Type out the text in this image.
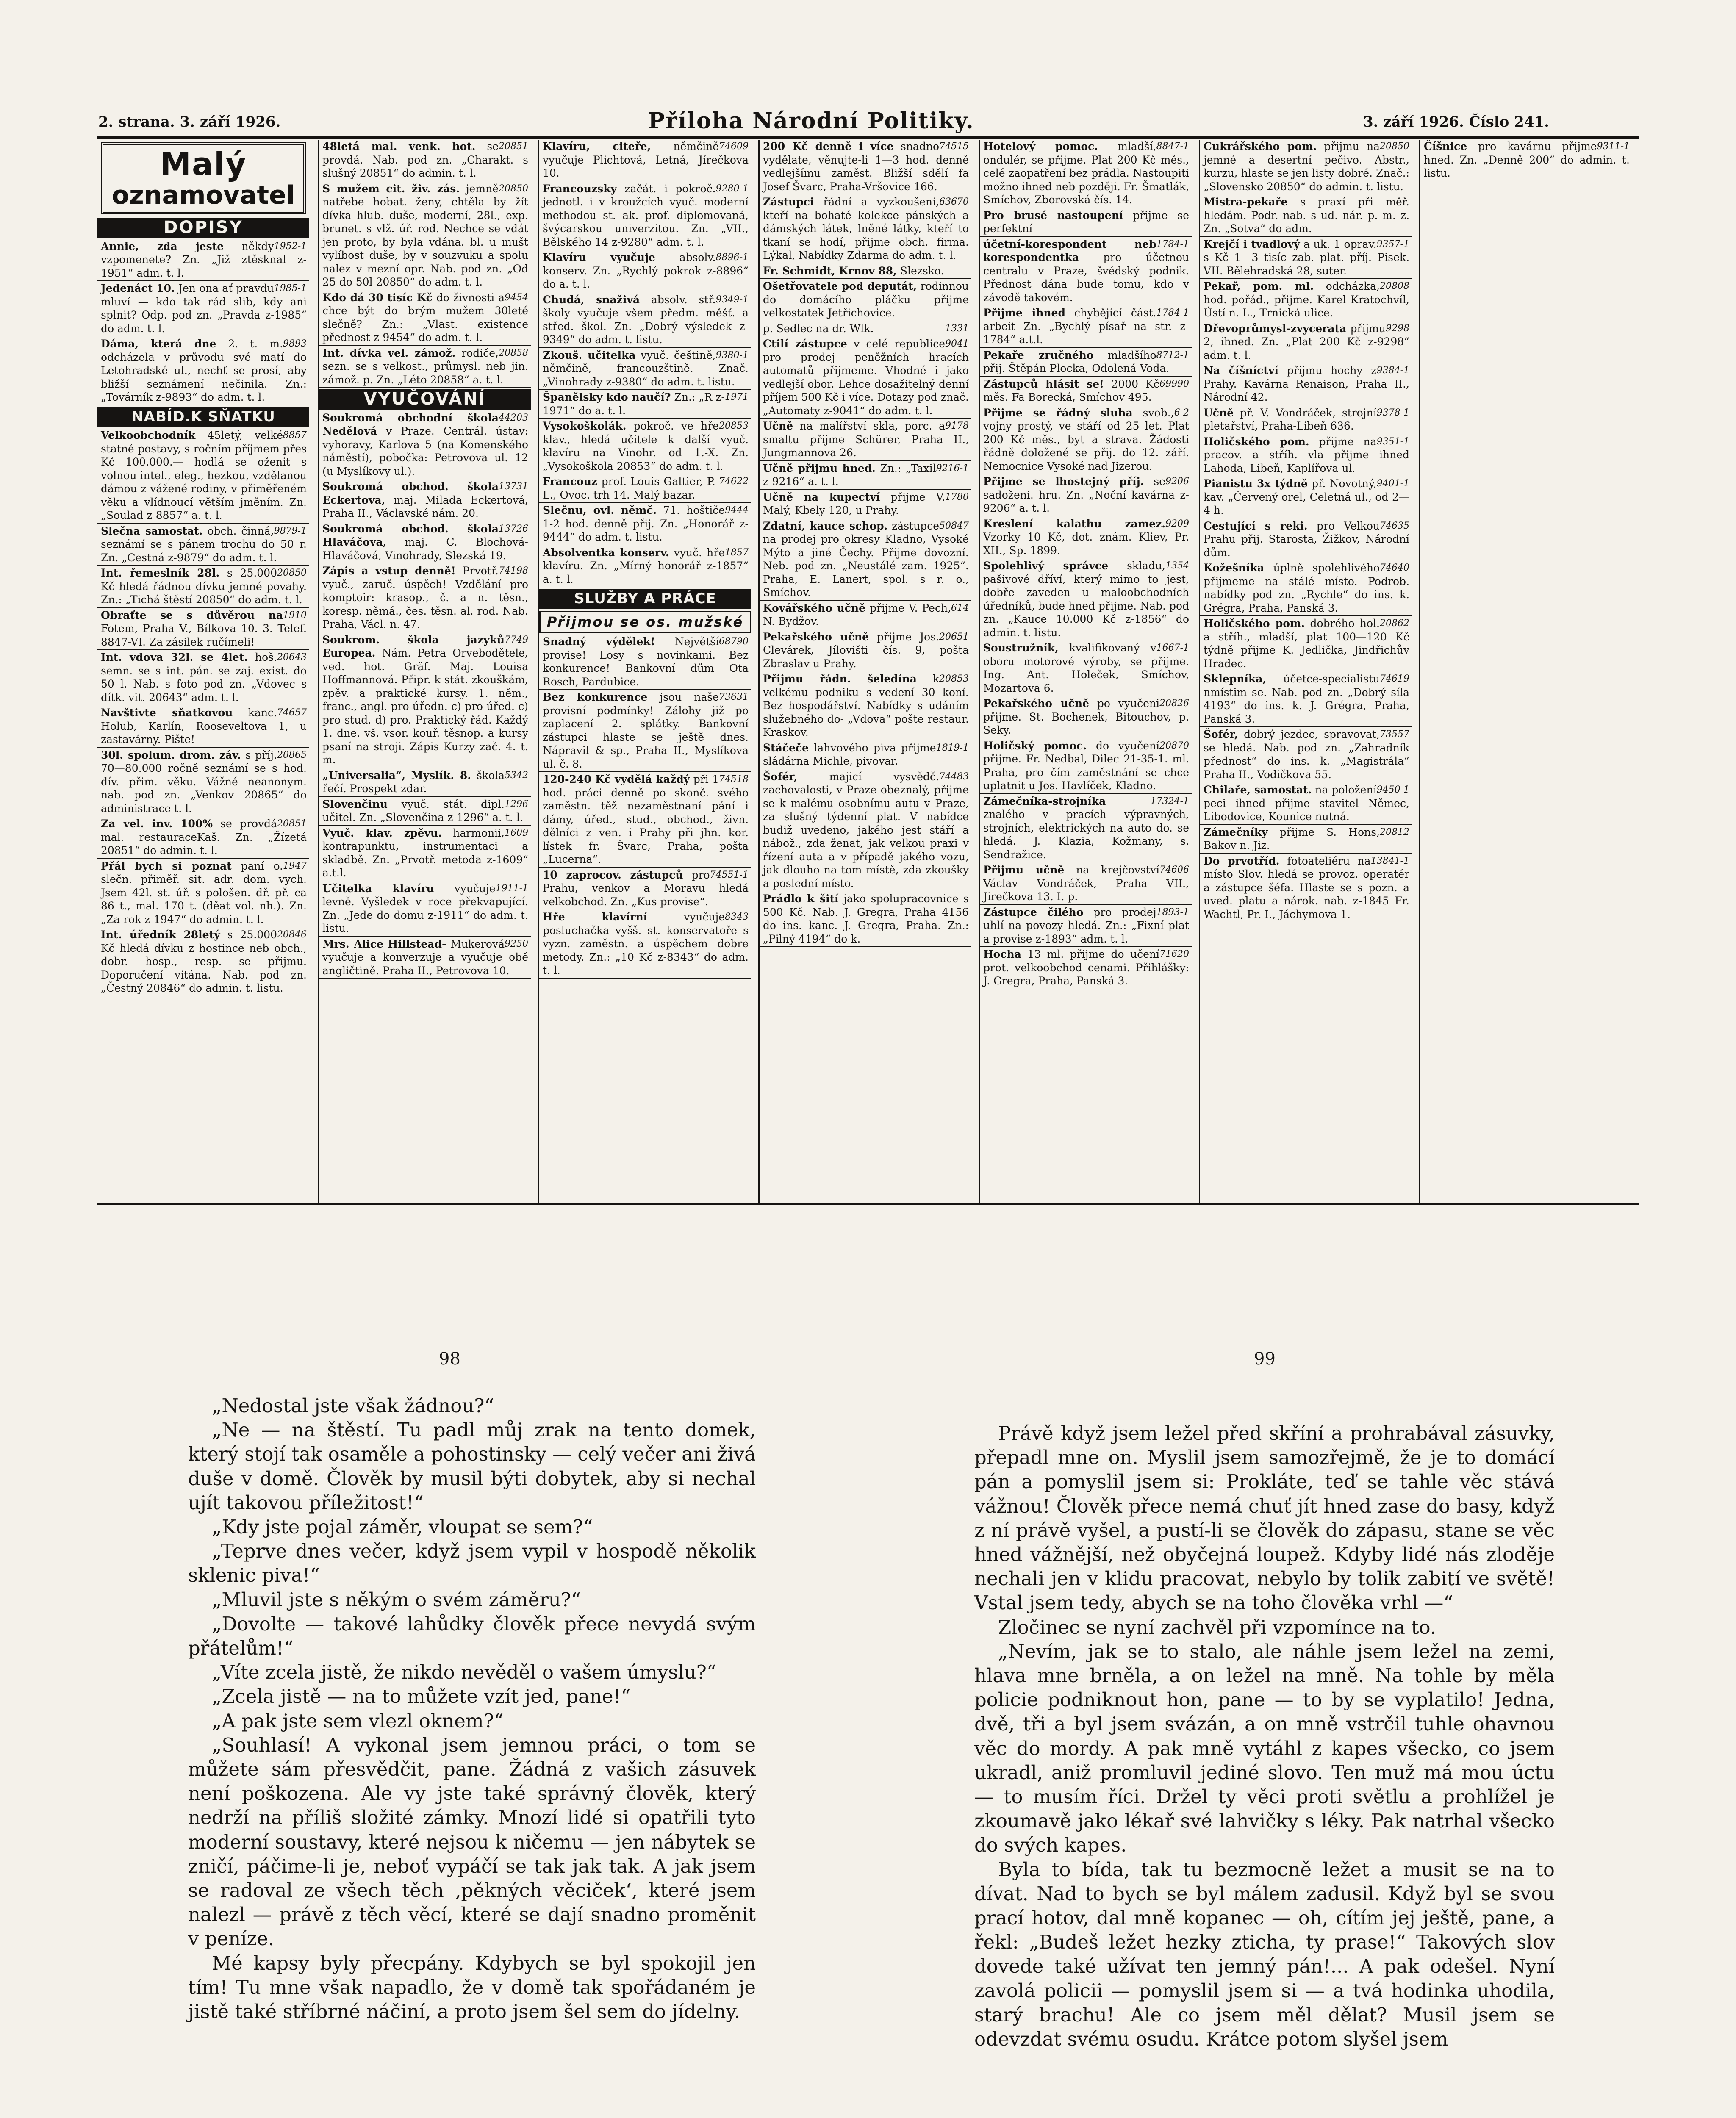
2. strana. 3. září 1926.	Příloha Národní Politiky.	3. září 1926. Číslo 241.
Malý
oznamovatel
DOPISY
1952-1
Annie, zda jeste někdy vzpomenete? Zn. „Již ztěsknal z-1951“ adm. t. l.
1985-1
Jedenáct 10. Jen ona ať pravdu mluví — kdo tak rád slib, kdy ani splnit? Odp. pod zn. „Pravda z-1985“ do adm. t. l.
9893
Dáma, která dne 2. t. m. odcházela v průvodu své matí do Letohradské ul., nechť se prosí, aby bližší seznámení nečinila. Zn.: „Továrník z-9893“ do adm. t. l.
NABÍD.K SŇATKU
8857
Velkoobchodník 45letý, velké statné postavy, s ročním příjmem přes Kč 100.000.— hodlá se oženit s volnou intel., eleg., hezkou, vzdělanou dámou z vážené rodiny, v přiměřeném věku a vlídnoucí větším jměním. Zn. „Soulad z-8857“ a. t. l.
9879-1
Slečna samostat. obch. činná, seznámí se s pánem trochu do 50 r. Zn. „Cestná z-9879“ do adm. t. l.
20850
Int. řemeslník 28l. s 25.000 Kč hledá řádnou dívku jemné povahy. Zn.: „Tichá štěstí 20850“ do adm. t. l.
1910
Obraťte se s důvěrou na Fotem, Praha V., Bílkova 10. 3. Telef. 8847-VI. Za zásilek ručímeli!
20643
Int. vdova 32l. se 4let. hoš. semn. se s int. pán. se zaj. exist. do 50 l. Nab. s foto pod zn. „Vdovec s dítk. vit. 20643“ adm. t. l.
74657
Navštivte sňatkovou kanc. Holub, Karlín, Rooseveltova 1, u zastavárny. Pište!
20865
30l. spolum. drom. záv. s příj. 70—80.000 ročně seznámí se s hod. dív. přim. věku. Vážné neanonym. nab. pod zn. „Venkov 20865“ do administrace t. l.
20851
Za vel. inv. 100% se provdá mal. restauraceKaš. Zn. „Žízetá 20851“ do admin. t. l.
1947
Přál bych si poznat paní o. slečn. přiměř. sit. adr. dom. vych. Jsem 42l. st. úř. s pološen. dř. př. ca 86 t., mal. 170 t. (děat vol. nh.). Zn. „Za rok z-1947“ do admin. t. l.
20846
Int. úředník 28letý s 25.000 Kč hledá dívku z hostince neb obch., dobr. hosp., resp. se přijmu. Doporučení vítána. Nab. pod zn. „Čestný 20846“ do admin. t. listu.
20851
48letá mal. venk. hot. se provdá. Nab. pod zn. „Charakt. s slušný 20851“ do admin. t. l.
20850
S mužem cit. živ. zás. jemně natřebe hobat. ženy, chtěla by žít dívka hlub. duše, moderní, 28l., exp. brunet. s vlž. úř. rod. Nechce se vdát jen proto, by byla vdána. bl. u mušt vylíbost duše, by v souzvuku a spolu nalez v mezní opr. Nab. pod zn. „Od 25 do 50l 20850“ do adm. t. l.
9454
Kdo dá 30 tisíc Kč do živnosti a chce být do brým mužem 30leté slečně? Zn.: „Vlast. existence přednost z-9454“ do adm. t. l.
20858
Int. dívka vel. zámož. rodiče, sezn. se s velkost., průmysl. neb jin. zámož. p. Zn. „Léto 20858“ a. t. l.
VYUČOVÁNÍ
44203
Soukromá obchodní škola Nedělová v Praze. Centrál. ústav: vyhoravy, Karlova 5 (na Komenského náměstí), pobočka: Petrovova ul. 12 (u Myslíkovy ul.).
13731
Soukromá obchod. škola Eckertova, maj. Milada Eckertová, Praha II., Václavské nám. 20.
13726
Soukromá obchod. škola Hlaváčova, maj. C. Blochová-Hlaváčová, Vinohrady, Slezská 19.
74198
Zápis a vstup denně! Prvotř. vyuč., zaruč. úspěch! Vzdělání pro komptoir: krasop., č. a n. těsn., koresp. němá., čes. těsn. al. rod. Nab. Praha, Václ. n. 47.
7749
Soukrom. škola jazyků Europea. Nám. Petra Orvebodětele, ved. hot. Gräf. Maj. Louisa Hoffmannová. Připr. k stát. zkouškám, zpěv. a praktické kursy. 1. něm., franc., angl. pro úředn. c) pro úřed. c) pro stud. d) pro. Praktický řád. Každý 1. dne. vš. vsor. kouř. těsnop. a kursy psaní na stroji. Zápis Kurzy zač. 4. t. m.
5342
„Universalia“, Myslík. 8. škola řečí. Prospekt zdar.
1296
Slovenčinu vyuč. stát. dipl. učitel. Zn. „Slovenčina z-1296“ a. t. l.
1609
Vyuč. klav. zpěvu. harmonii, kontrapunktu, instrumentaci a skladbě. Zn. „Prvotř. metoda z-1609“ a.t.l.
1911-1
Učitelka klavíru vyučuje levně. Vyšledek v roce překvapující. Zn. „Jede do domu z-1911“ do adm. t. listu.
9250
Mrs. Alice Hillstead- Mukerová vyučuje a konverzuje a vyučuje obě angličtině. Praha II., Petrovova 10.
74609
Klavíru, citeře, němčině vyučuje Plichtová, Letná, Jírečkova 10.
9280-1
Francouzsky začát. i pokroč. jednotl. i v kroužcích vyuč. moderní methodou st. ak. prof. diplomovaná, švýcarskou univerzitou. Zn. „VII., Bělského 14 z-9280“ adm. t. l.
8896-1
Klavíru vyučuje absolv. konserv. Zn. „Rychlý pokrok z-8896“ do a. t. l.
9349-1
Chudá, snaživá absolv. stř. školy vyučuje všem předm. měšť. a střed. škol. Zn. „Dobrý výsledek z-9349“ do adm. t. listu.
9380-1
Zkouš. učitelka vyuč. češtině, němčině, francouzštině. Znač. „Vinohrady z-9380“ do adm. t. listu.
1971
Španělsky kdo naučí? Zn.: „R z-1971“ do a. t. l.
20853
Vysokoškolák. pokroč. ve hře klav., hledá učitele k další vyuč. klavíru na Vinohr. od 1.-X. Zn. „Vysokoškola 20853“ do adm. t. l.
74622
Francouz prof. Louis Galtier, P.-L., Ovoc. trh 14. Malý bazar.
9444
Slečnu, ovl. němč. 71. hoštiče 1-2 hod. denně přij. Zn. „Honorář z-9444“ do adm. t. listu.
1857
Absolventka konserv. vyuč. hře klavíru. Zn. „Mírný honorář z-1857“ a. t. l.
SLUŽBY A PRÁCE
Přijmou se os. mužské
68790
Snadný výdělek! Největší provise! Losy s novinkami. Bez konkurence! Bankovní dům Ota Rosch, Pardubice.
73631
Bez konkurence jsou naše provisní podmínky! Zálohy již po zaplacení 2. splátky. Bankovní zástupci hlaste se ještě dnes. Nápravil & sp., Praha II., Myslíkova ul. č. 8.
74518
120-240 Kč vydělá každý při 1 hod. práci denně po skonč. svého zaměstn. těž nezaměstnaní pání i dámy, úřed., stud., obchod., živn. dělníci z ven. i Prahy při jhn. kor. lístek fr. Švarc, Praha, pošta „Lucerna“.
74551-1
10 zaprocov. zástupců pro Prahu, venkov a Moravu hledá velkobchod. Zn. „Kus provise“.
8343
Hře klavírní	vyučuje posluchačka vyšš. st. konservatoře s vyzn. zaměstn. a úspěchem dobre metody. Zn.: „10 Kč z-8343“ do adm. t. l.
74515
200 Kč denně i více snadno vydělate, věnujte-li 1—3 hod. denně vedlejšímu zaměst. Bližší sdělí fa Josef Švarc, Praha-Vršovice 166.
63670
Zástupci řádní a vyzkoušení, kteří na bohaté kolekce pánských a dámských látek, lněné látky, kteří to tkaní se hodí, přijme obch. firma. Lýkal, Nabídky Zdarma do adm. t. l.
Fr. Schmidt, Krnov 88, Slezsko.
Ošetřovatele pod deputát, rodinnou do domácího pláčku přijme velkostatek Jetřichovice.
1331
p. Sedlec na dr. Wlk.
9041
Ctilí zástupce v celé republice pro prodej peněžních hracích automatů přijmeme. Vhodné i jako vedlejší obor. Lehce dosažitelný denní příjem 500 Kč i více. Dotazy pod znač. „Automaty z-9041“ do adm. t. l.
9178
Učně na malířství skla, porc. a smaltu přijme Schürer, Praha II., Jungmannova 26.
9216-1
Učně přijmu hned. Zn.: „Taxil z-9216“ a. t. l.
1780
Učně na kupectví přijme V. Malý, Kbely 120, u Prahy.
50847
Zdatní, kauce schop. zástupce na prodej pro okresy Kladno, Vysoké Mýto a jiné Čechy. Přijme dovozní. Neb. pod zn. „Neustálé zam. 1925“. Praha, E. Lanert, spol. s r. o., Smíchov.
614
Kovářského učně přijme V. Pech, N. Bydžov.
20651
Pekařského učně přijme Jos. Clevárek, Jílovišti čís. 9, pošta Zbraslav u Prahy.
20853
Přijmu řádn. šeledína k velkému podniku s vedení 30 koní. Bez hospodářství. Nabídky s udáním služebného do- „Vdova“ pošte restaur. Kraskov.
1819-1
Stáčeče lahvového piva přijme sládárna Michle, pivovar.
74483
Šofér,	majicí vysvědč. zachovalosti, v Praze obeznalý, přijme se k malému osobnímu autu v Praze, za slušný týdenní plat. V nabídce budiž uvedeno, jakého jest stáří a nábož., zda ženat, jak velkou praxi v řízení auta a v případě jakého vozu, jak dlouho na tom místě, zda zkoušky a poslední místo.
Prádlo k šití jako spolupracovnice s 500 Kč. Nab. J. Gregra, Praha 4156 do ins. kanc. J. Gregra, Praha. Zn.: „Pilný 4194“ do k.
8847-1
Hotelový pomoc. mladší, ondulér, se přijme. Plat 200 Kč měs., celé zaopatření bez prádla. Nastoupiti možno ihned neb později. Fr. Šmatlák, Smíchov, Zborovská čís. 14.
Pro brusé nastoupení přijme se perfektní
1784-1
účetní-korespondent neb korespondentka pro účetnou centralu v Praze, švédský podnik. Přednost dána bude tomu, kdo v závodě takovém.
1784-1
Přijme ihned chybějící část. arbeit Zn. „Bychlý písař na str. z-1784“ a.t.l.
8712-1
Pekaře zručného mladšího přij. Štěpán Plocka, Odolená Voda.
69990
Zástupců hlásit se! 2000 Kč měs. Fa Borecká, Smíchov 495.
6-2
Přijme se řádný sluha svob., vojny prostý, ve stáří od 25 let. Plat 200 Kč měs., byt a strava. Žádosti řádně doložené se přij. do 12. září. Nemocnice Vysoké nad Jizerou.
9206
Přijme se lhostejný příj. se sadoženi. hru. Zn. „Noční kavárna z-9206“ a. t. l.
9209
Kreslení kalathu zamez. Vzorky 10 Kč, dot. znám. Kliev, Pr. XII., Sp. 1899.
1354
Spolehlivý správce skladu, pašivové dříví, který mimo to jest, dobře zaveden u maloobchodních úředníků, bude hned přijme. Nab. pod zn. „Kauce 10.000 Kč z-1856“ do admin. t. listu.
1667-1
Soustružník, kvalifikovaný v oboru motorové výroby, se přijme. Ing. Ant. Holeček, Smíchov, Mozartova 6.
20826
Pekařského učně po vyučeni přijme. St. Bochenek, Bitouchov, p. Seky.
20870
Holičský pomoc. do vyučení přijme. Fr. Nedbal, Dilec 21-35-1. ml. Praha, pro čím zaměstnání se chce uplatnit u Jos. Havlíček, Kladno.
17324-1
Zámečníka-strojníka znalého v pracích výpravných, strojních, elektrických na auto do. se hledá. J. Klazia, Kožmany, s. Sendražice.
74606
Přijmu učně na krejčovství Václav Vondráček, Praha VII., Jirečkova 13. I. p.
1893-1
Zástupce čilého pro prodej uhlí na povozy hledá. Zn.: „Fixní plat a provise z-1893“ adm. t. l.
71620
Hocha 13 ml. přijme do učení prot. velkoobchod cenami. Přihlášky: J. Gregra, Praha, Panská 3.
20850
Cukrářského pom. přijmu na jemné a desertní pečivo. Abstr., kurzu, hlaste se jen listy dobré. Znač.: „Slovensko 20850“ do admin. t. listu.
Mistra-pekaře s praxí při měř. hledám. Podr. nab. s ud. nár. p. m. z. Zn. „Sotva“ do adm.
9357-1
Krejčí i tvadlový a uk. 1 oprav. s Kč 1—3 tisíc zab. plat. příj. Pisek. VII. Bělehradská 28, suter.
20808
Pekař, pom. ml. odcházka, hod. pořád., přijme. Karel Kratochvíl, Ústí n. L., Trnická ulice.
9298
Dřevoprůmysl-zvycerata přijmu 2, ihned. Zn. „Plat 200 Kč z-9298“ adm. t. l.
9384-1
Na číšníctví přijmu hochy z Prahy. Kavárna Renaison, Praha II., Národní 42.
9378-1
Učně př. V. Vondráček, strojní pletařství, Praha-Libeň 636.
9351-1
Holičského pom. přijme na pracov. a stříh. vla přijme ihned Lahoda, Libeň, Kaplířova ul.
9401-1
Pianistu 3x týdně př. Novotný, kav. „Červený orel, Celetná ul., od 2—4 h.
74635
Cestující s reki. pro Velkou Prahu přij. Starosta, Žižkov, Národní dům.
74640
Kožešníka úplně spolehlivého přijmeme na stálé místo. Podrob. nabídky pod zn. „Rychle“ do ins. k. Grégra, Praha, Panská 3.
20862
Holičského pom. dobrého hol. a stříh., mladší, plat 100—120 Kč týdně přijme K. Jedlička, Jindřichův Hradec.
74619
Sklepníka, účetce-specialistu nmístim se. Nab. pod zn. „Dobrý síla 4193“ do ins. k. J. Grégra, Praha, Panská 3.
73557
Šofér, dobrý jezdec, spravovat, se hledá. Nab. pod zn. „Zahradník přednost“ do ins. k. „Magistrála“ Praha II., Vodičkova 55.
9450-1
Chilaře, samostat. na položení peci ihned přijme stavitel Němec, Libodovice, Kounice nutná.
20812
Zámečníky přijme S. Hons, Bakov n. Jiz.
13841-1
Do prvotříd. fotoateliéru na místo Slov. hledá se provoz. operatér a zástupce šéfa. Hlaste se s pozn. a uved. platu a nárok. nab. z-1845 Fr. Wachtl, Pr. I., Jáchymova 1.
9311-1
Číšnice pro kavárnu přijme hned. Zn. „Denně 200“ do admin. t. listu.
98	99

„Nedostal jste však žádnou?“

„Ne — na štěstí. Tu padl můj zrak na tento domek, který stojí tak osaměle a pohostinsky — celý večer ani živá duše v domě. Člověk by musil býti dobytek, aby si nechal ujít takovou příležitost!“

„Kdy jste pojal záměr, vloupat se sem?“

„Teprve dnes večer, když jsem vypil v hospodě několik sklenic piva!“

„Mluvil jste s někým o svém záměru?“

„Dovolte — takové lahůdky člověk přece nevydá svým přátelům!“

„Víte zcela jistě, že nikdo nevěděl o vašem úmyslu?“

„Zcela jistě — na to můžete vzít jed, pane!“

„A pak jste sem vlezl oknem?“

„Souhlasí! A vykonal jsem jemnou práci, o tom se můžete sám přesvědčit, pane. Žádná z vašich zásuvek není poškozena. Ale vy jste také správný člověk, který nedrží na příliš složité zámky. Mnozí lidé si opatřili tyto moderní soustavy, které nejsou k ničemu — jen nábytek se zničí, páčime-li je, neboť vypáčí se tak jak tak. A jak jsem se radoval ze všech těch ‚pěkných věciček‘, které jsem nalezl — právě z těch věcí, které se dají snadno proměnit v peníze.

Mé kapsy byly přecpány. Kdybych se byl spokojil jen tím! Tu mne však napadlo, že v domě tak spořádaném je jistě také stříbrné náčiní, a proto jsem šel sem do jídelny.

Právě když jsem ležel před skříní a prohrabával zásuvky, přepadl mne on. Myslil jsem samozřejmě, že je to domácí pán a pomyslil jsem si: Prokláte, teď se tahle věc stává vážnou! Člověk přece nemá chuť jít hned zase do basy, když z ní právě vyšel, a pustí-li se člověk do zápasu, stane se věc hned vážnější, než obyčejná loupež. Kdyby lidé nás zloděje nechali jen v klidu pracovat, nebylo by tolik zabití ve světě! Vstal jsem tedy, abych se na toho člověka vrhl —“

Zločinec se nyní zachvěl při vzpomínce na to.

„Nevím, jak se to stalo, ale náhle jsem ležel na zemi, hlava mne brněla, a on ležel na mně. Na tohle by měla policie podniknout hon, pane — to by se vyplatilo! Jedna, dvě, tři a byl jsem svázán, a on mně vstrčil tuhle ohavnou věc do mordy. A pak mně vytáhl z kapes všecko, co jsem ukradl, aniž promluvil jediné slovo. Ten muž má mou úctu — to musím říci. Držel ty věci proti světlu a prohlížel je zkoumavě jako lékař své lahvičky s léky. Pak natrhal všecko do svých kapes.

Byla to bída, tak tu bezmocně ležet a musit se na to dívat. Nad to bych se byl málem zadusil. Když byl se svou prací hotov, dal mně kopanec — oh, cítím jej ještě, pane, a řekl: „Budeš ležet hezky zticha, ty prase!“ Takových slov dovede také užívat ten jemný pán!... A pak odešel. Nyní zavolá policii — pomyslil jsem si — a tvá hodinka uhodila, starý brachu! Ale co jsem měl dělat? Musil jsem se odevzdat svému osudu. Krátce potom slyšel jsem
